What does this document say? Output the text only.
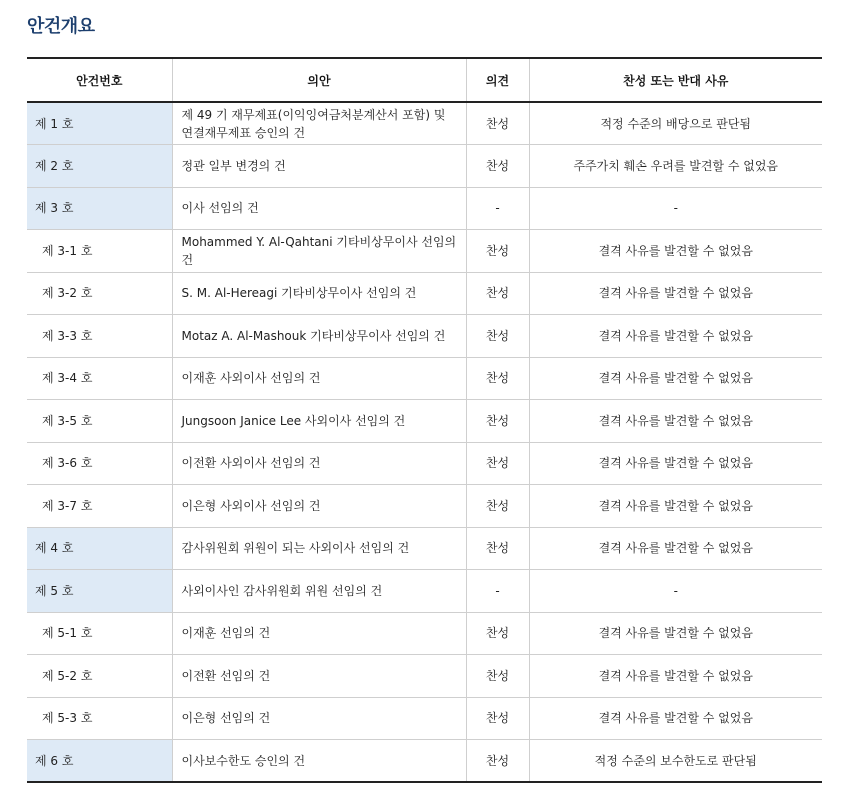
안건개요
안건번호	의안	의견	찬성 또는 반대 사유
제 1 호	제 49 기 재무제표(이익잉여금처분계산서 포함) 및 연결재무제표 승인의 건	찬성	적정 수준의 배당으로 판단됨
제 2 호	정관 일부 변경의 건	찬성	주주가치 훼손 우려를 발견할 수 없었음
제 3 호	이사 선임의 건	-	-
제 3-1 호	Mohammed Y. Al-Qahtani 기타비상무이사 선임의 건	찬성	결격 사유를 발견할 수 없었음
제 3-2 호	S. M. Al-Hereagi 기타비상무이사 선임의 건	찬성	결격 사유를 발견할 수 없었음
제 3-3 호	Motaz A. Al-Mashouk 기타비상무이사 선임의 건	찬성	결격 사유를 발견할 수 없었음
제 3-4 호	이재훈 사외이사 선임의 건	찬성	결격 사유를 발견할 수 없었음
제 3-5 호	Jungsoon Janice Lee 사외이사 선임의 건	찬성	결격 사유를 발견할 수 없었음
제 3-6 호	이전환 사외이사 선임의 건	찬성	결격 사유를 발견할 수 없었음
제 3-7 호	이은형 사외이사 선임의 건	찬성	결격 사유를 발견할 수 없었음
제 4 호	감사위원회 위원이 되는 사외이사 선임의 건	찬성	결격 사유를 발견할 수 없었음
제 5 호	사외이사인 감사위원회 위원 선임의 건	-	-
제 5-1 호	이재훈 선임의 건	찬성	결격 사유를 발견할 수 없었음
제 5-2 호	이전환 선임의 건	찬성	결격 사유를 발견할 수 없었음
제 5-3 호	이은형 선임의 건	찬성	결격 사유를 발견할 수 없었음
제 6 호	이사보수한도 승인의 건	찬성	적정 수준의 보수한도로 판단됨
